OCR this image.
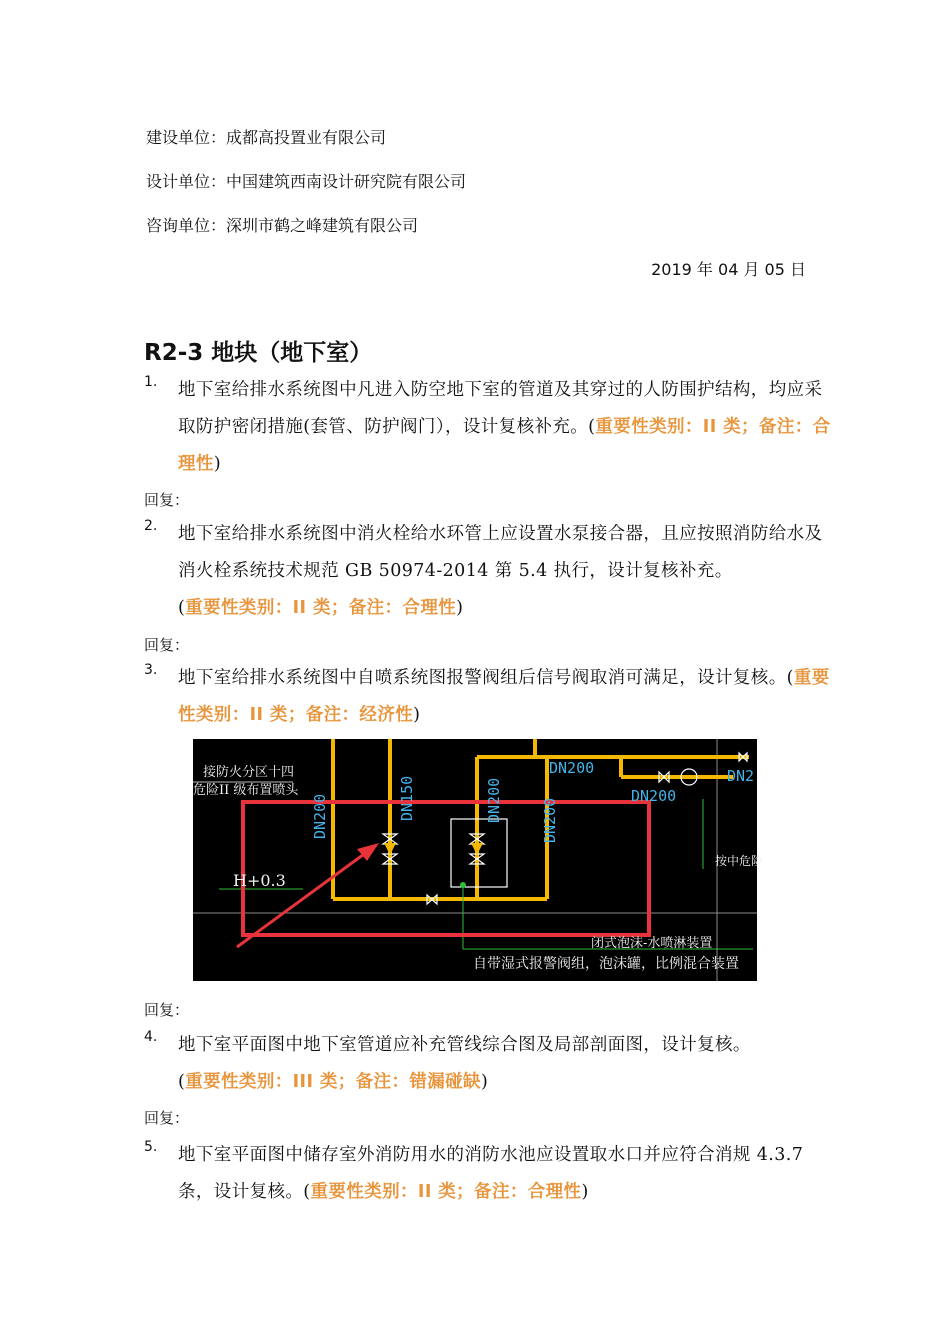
建设单位：成都高投置业有限公司
设计单位：中国建筑西南设计研究院有限公司
咨询单位：深圳市鹤之峰建筑有限公司
2019 年 04 月 05 日
R2-3 地块（地下室）
1.	地下室给排水系统图中凡进入防空地下室的管道及其穿过的人防围护结构，均应采取防护密闭措施(套管、防护阀门），设计复核补充。(重要性类别：II 类；备注：合理性)
回复：
2.	地下室给排水系统图中消火栓给水环管上应设置水泵接合器，且应按照消防给水及消火栓系统技术规范 GB 50974-2014 第 5.4 执行，设计复核补充。
(重要性类别：II 类；备注：合理性)
回复：
3.	地下室给排水系统图中自喷系统图报警阀组后信号阀取消可满足，设计复核。(重要性类别：II 类；备注：经济性)
接防火分区十四
危险II 级布置喷头
按中危险
H+0.3
闭式泡沫-水喷淋装置
自带湿式报警阀组，泡沫罐，比例混合装置
DN200
DN200
DN2
DN200	DN150	DN200	DN200
回复：
4.	地下室平面图中地下室管道应补充管线综合图及局部剖面图，设计复核。
(重要性类别：III 类；备注：错漏碰缺)
回复：
5.	地下室平面图中储存室外消防用水的消防水池应设置取水口并应符合消规 4.3.7 条，设计复核。(重要性类别：II 类；备注：合理性)
